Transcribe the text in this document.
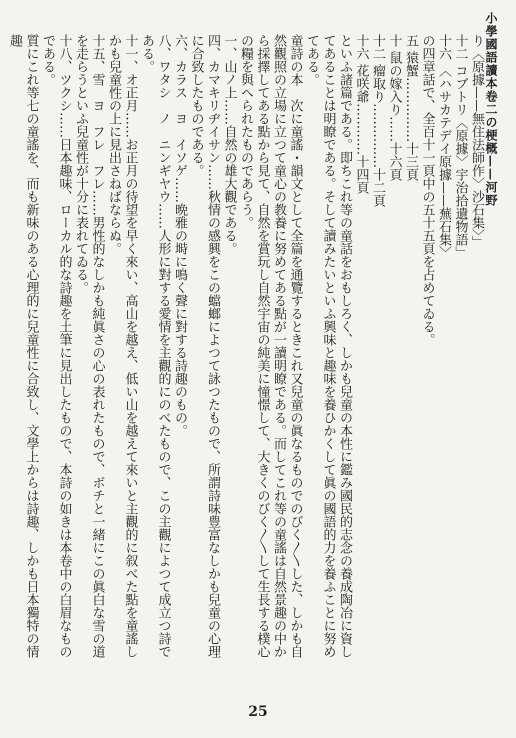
小學國語讀本卷二の梗概——河野
り〈原據——無住法師作〉沙石集〉」
十二 コブトリ〈原據〉宇治拾遺物語」
十六 〈ハサカテデイ原據——蕪石集〉
の四章話で、全百十一頁中の五十五頁を占めてゐる。
五 猿蟹……………十三頁
十 鼠の嫁入り……十六頁
十二 瘤取り……………十二頁
十六 花咲爺…………十四頁
といふ諸篇である。即ちこれ等の童話をおもしろく、しかも兒童の本性に鑑み國民的志念の養成陶冶に資してあることは明瞭である。そして讀みたいといふ興味と趣味を養ひかくして眞の國語的力を養ふことに努めてある。
童詩の本　次に童謠・韻文として全篇を通覽するときこれ又兒童の眞なるものでのびく〳〵した、しかも自然觀照の立場に立つて童心の教養に努めてある點が一讀明瞭である。而してこれ等の童謠は自然景趣の中から採擇してある點から見て、自然を賞玩し自然宇宙の純美に憧憬して、大きくのびく〳〵して生長する樸心の糧を與へられたものであらう。
一、山ノ上……自然の雄大觀である。
四、カマキリヂイサン……秋情の感興をこの蟷螂によつて詠つたもので、所謂詩味豊富なしかも兒童の心理に合致したものである。
六、カラス　ヨ　イソゲ……晩雅の塒に鳴く聲に對する詩趣のもの。
八、ワタシ　ノ　ニンギヤウ……人形に對する愛情を主觀的にのべたもので、この主觀によつて成立つ詩である。
十一、オ正月……お正月の待望を早く來い、高山を越え、低い山を越えて來いと主觀的に叙べた點を童謠しかも兒童性の上に見出さねばならぬ。
十五、雪　ヨ　フレ　フレ……男性的なしかも純眞さの心の表れたもので、ボチと一緒にこの眞白な雪の道を走らうといふ兒童性が十分に表れてゐる。
十八、ツクシ……日本趣味、ローカル的な詩趣を土筆に見出したもので、本詩の如きは本卷中の白眉なものである。
質にこれ等七の童謠を、而も新味のある心理的に兒童性に合致し、文學上からは詩趣、しかも日本獨特の情趣
25
